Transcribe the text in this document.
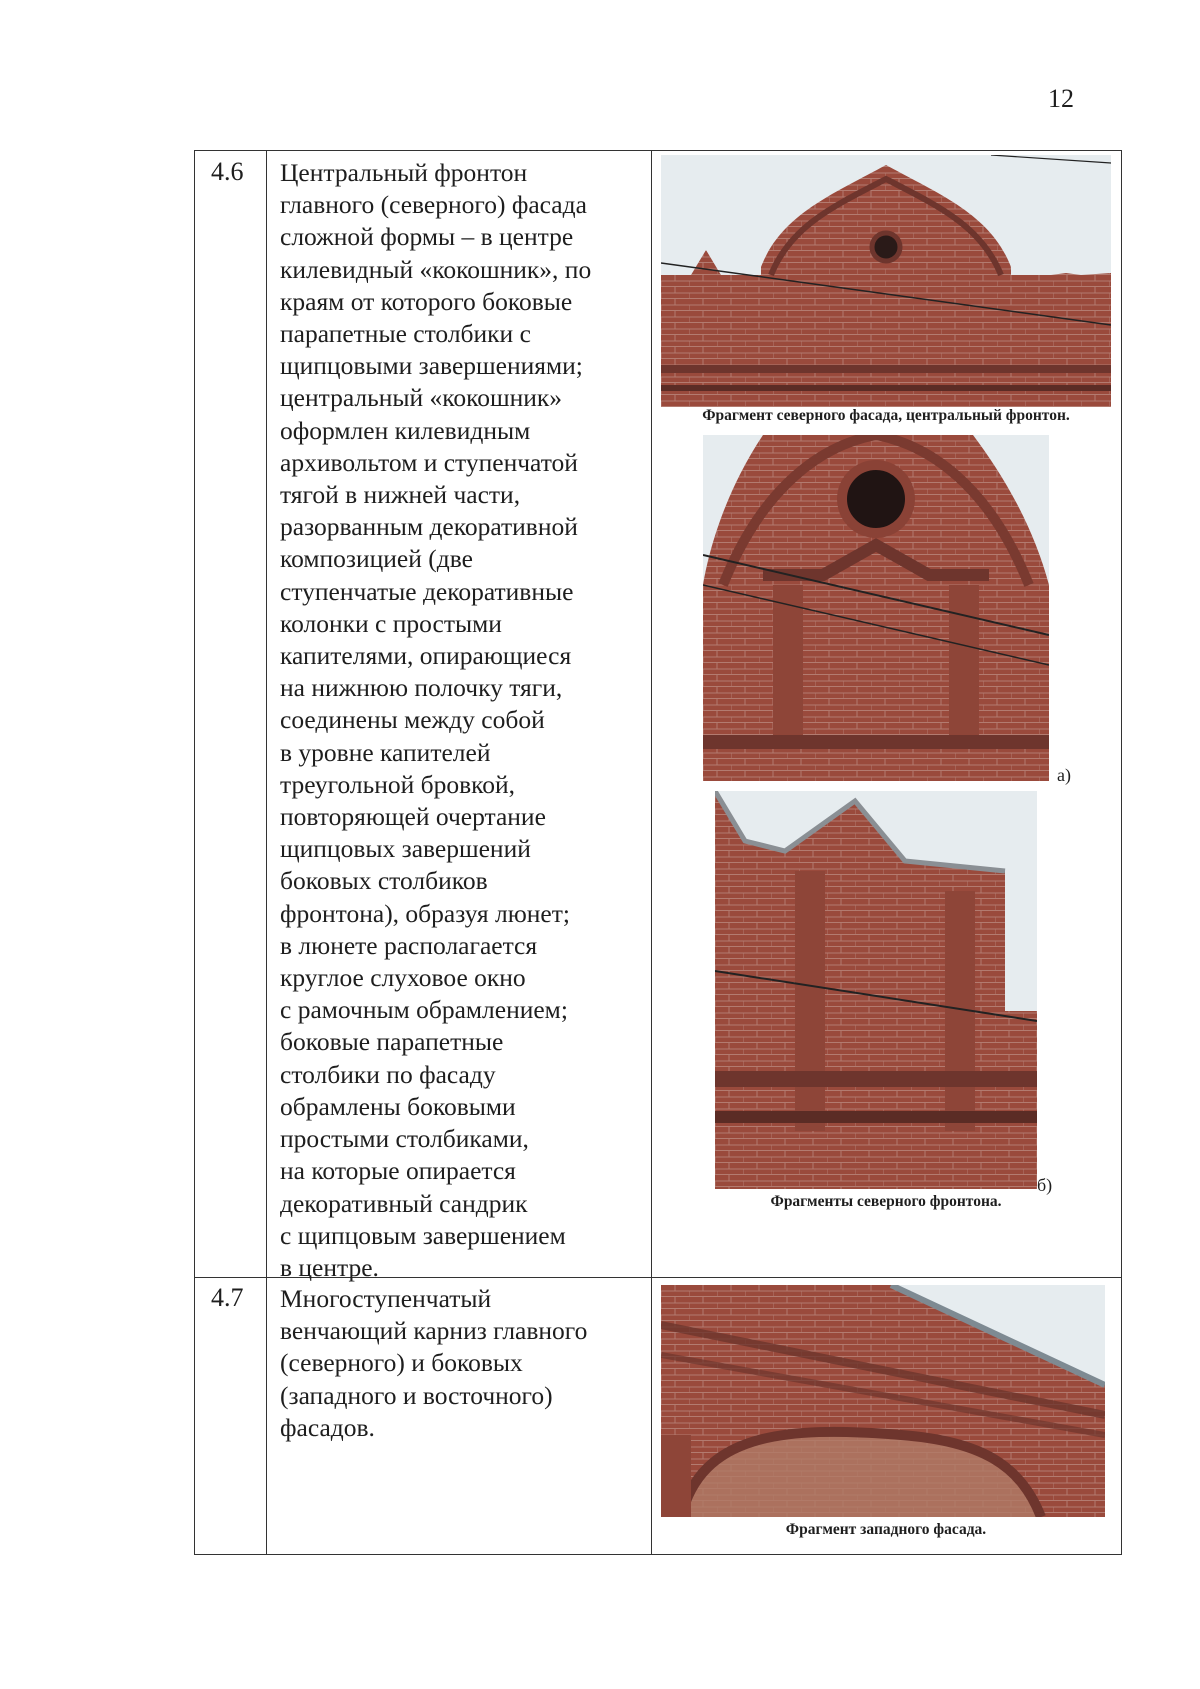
12
4.6 Центральный фронтон
главного (северного) фасада
сложной формы – в центре
килевидный «кокошник», по
краям от которого боковые
парапетные столбики с
щипцовыми завершениями;
центральный «кокошник»
оформлен килевидным
архивольтом и ступенчатой
тягой в нижней части,
разорванным декоративной
композицией (две
ступенчатые декоративные
колонки с простыми
капителями, опирающиеся
на нижнюю полочку тяги,
соединены между собой
в уровне капителей
треугольной бровкой,
повторяющей очертание
щипцовых завершений
боковых столбиков
фронтона), образуя люнет;
в люнете располагается
круглое слуховое окно
с рамочным обрамлением;
боковые парапетные
столбики по фасаду
обрамлены боковыми
простыми столбиками,
на которые опирается
декоративный сандрик
с щипцовым завершением
в центре.
Фрагмент северного фасада, центральный фронтон.
а)
б)
Фрагменты северного фронтона.
4.7 Многоступенчатый
венчающий карниз главного
(северного) и боковых
(западного и восточного)
фасадов.
Фрагмент западного фасада.
